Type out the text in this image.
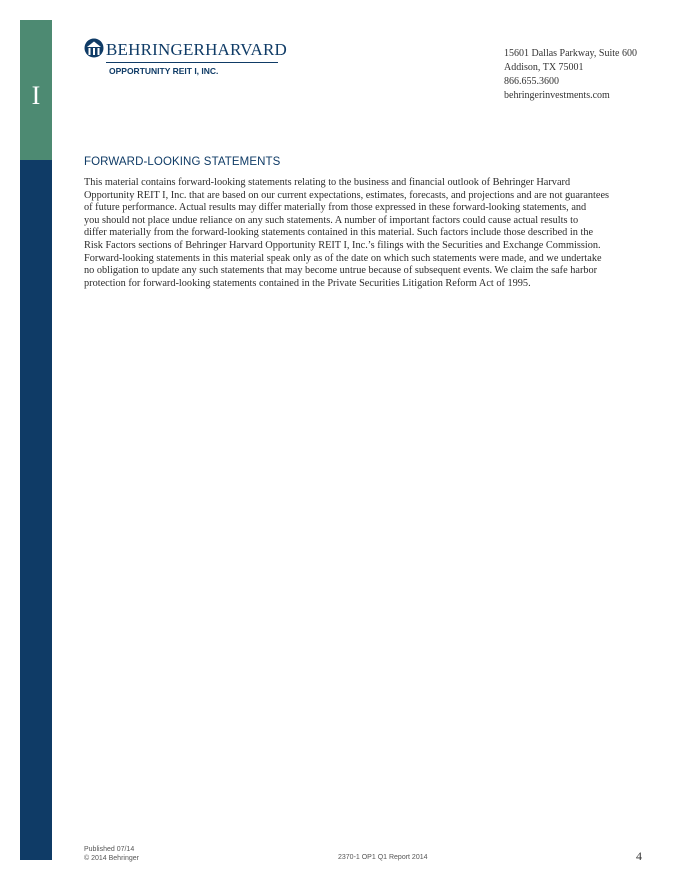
I
BEHRINGERHARVARD
OPPORTUNITY REIT I, INC.
15601 Dallas Parkway, Suite 600
Addison, TX 75001
866.655.3600
behringerinvestments.com
FORWARD-LOOKING STATEMENTS
This material contains forward-looking statements relating to the business and financial outlook of Behringer Harvard
Opportunity REIT I, Inc. that are based on our current expectations, estimates, forecasts, and projections and are not guarantees
of future performance. Actual results may differ materially from those expressed in these forward-looking statements, and
you should not place undue reliance on any such statements. A number of important factors could cause actual results to
differ materially from the forward-looking statements contained in this material. Such factors include those described in the
Risk Factors sections of Behringer Harvard Opportunity REIT I, Inc.’s filings with the Securities and Exchange Commission.
Forward-looking statements in this material speak only as of the date on which such statements were made, and we undertake
no obligation to update any such statements that may become untrue because of subsequent events. We claim the safe harbor
protection for forward-looking statements contained in the Private Securities Litigation Reform Act of 1995.
Published 07/14
© 2014 Behringer	2370-1 OP1 Q1 Report 2014	4
